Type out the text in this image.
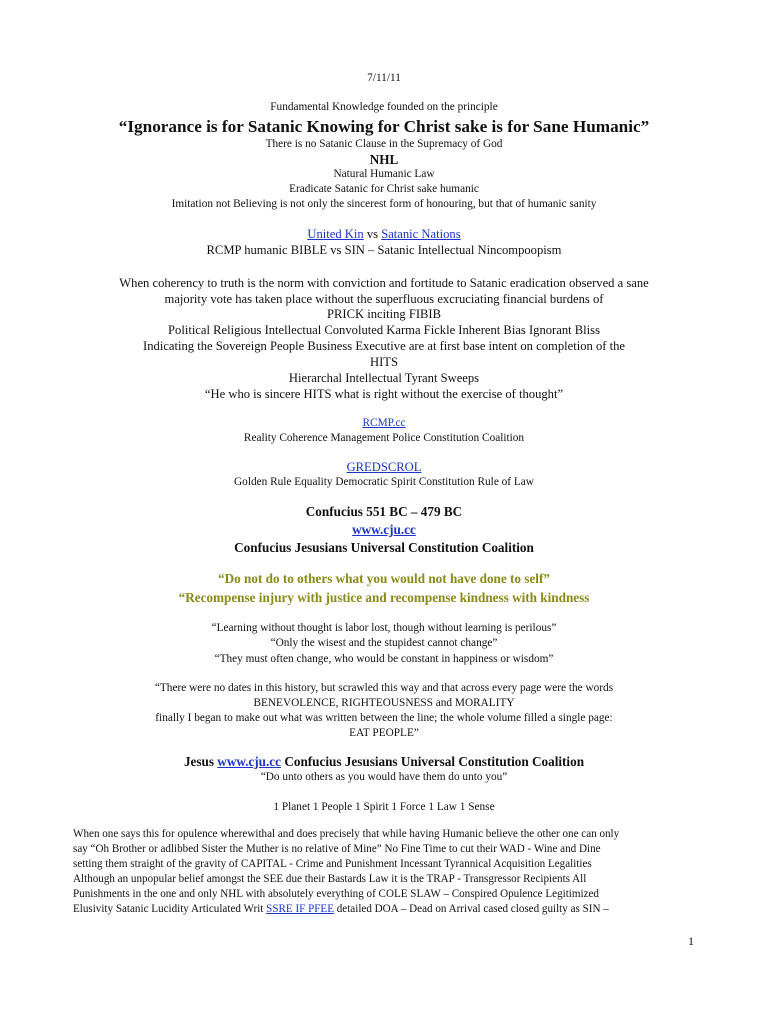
7/11/11
Fundamental Knowledge founded on the principle
“Ignorance is for Satanic Knowing for Christ sake is for Sane Humanic”
There is no Satanic Clause in the Supremacy of God
NHL
Natural Humanic Law
Eradicate Satanic for Christ sake humanic
Imitation not Believing is not only the sincerest form of honouring, but that of humanic sanity
United Kin vs Satanic Nations
RCMP humanic BIBLE vs SIN – Satanic Intellectual Nincompoopism
When coherency to truth is the norm with conviction and fortitude to Satanic eradication observed a sane
majority vote has taken place without the superfluous excruciating financial burdens of
PRICK inciting FIBIB
Political Religious Intellectual Convoluted Karma Fickle Inherent Bias Ignorant Bliss
Indicating the Sovereign People Business Executive are at first base intent on completion of the
HITS
Hierarchal Intellectual Tyrant Sweeps
“He who is sincere HITS what is right without the exercise of thought”
RCMP.cc
Reality Coherence Management Police Constitution Coalition
GREDSCROL
Golden Rule Equality Democratic Spirit Constitution Rule of Law
Confucius 551 BC – 479 BC
www.cju.cc
Confucius Jesusians Universal Constitution Coalition
“Do not do to others what you would not have done to self”
“Recompense injury with justice and recompense kindness with kindness
“Learning without thought is labor lost, though without learning is perilous”
“Only the wisest and the stupidest cannot change”
“They must often change, who would be constant in happiness or wisdom”
“There were no dates in this history, but scrawled this way and that across every page were the words
BENEVOLENCE, RIGHTEOUSNESS and MORALITY
finally I began to make out what was written between the line; the whole volume filled a single page:
EAT PEOPLE”
Jesus www.cju.cc Confucius Jesusians Universal Constitution Coalition
“Do unto others as you would have them do unto you”
1 Planet 1 People 1 Spirit 1 Force 1 Law 1 Sense
When one says this for opulence wherewithal and does precisely that while having Humanic believe the other one can only
say “Oh Brother or adlibbed Sister the Muther is no relative of Mine” No Fine Time to cut their WAD - Wine and Dine
setting them straight of the gravity of CAPITAL - Crime and Punishment Incessant Tyrannical Acquisition Legalities
Although an unpopular belief amongst the SEE due their Bastards Law it is the TRAP - Transgressor Recipients All
Punishments in the one and only NHL with absolutely everything of COLE SLAW – Conspired Opulence Legitimized
Elusivity Satanic Lucidity Articulated Writ SSRE IF PFEE detailed DOA – Dead on Arrival cased closed guilty as SIN –
1
